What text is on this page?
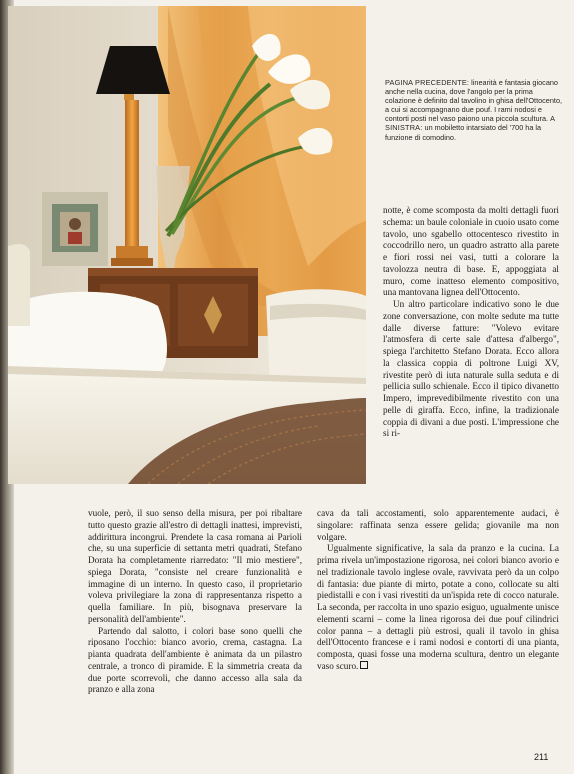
PAGINA PRECEDENTE: linearità e fantasia giocano anche nella cucina, dove l'angolo per la prima colazione è definito dal tavolino in ghisa dell'Ottocento, a cui si accompagnano due pouf. I rami nodosi e contorti posti nel vaso paiono una piccola scultura. A SINISTRA: un mobiletto intarsiato del '700 ha la funzione di comodino.

notte, è come scomposta da molti dettagli fuori schema: un baule coloniale in cuoio usato come tavolo, uno sgabello ottocentesco rivestito in coccodrillo nero, un quadro astratto alla parete e fiori rossi nei vasi, tutti a colorare la tavolozza neutra di base. E, appoggiata al muro, come inatteso elemento compositivo, una mantovana lignea dell'Ottocento.

Un altro particolare indicativo sono le due zone conversazione, con molte sedute ma tutte dalle diverse fatture: "Volevo evitare l'atmosfera di certe sale d'attesa d'albergo", spiega l'architetto Stefano Dorata. Ecco allora la classica coppia di poltrone Luigi XV, rivestite però di iuta naturale sulla seduta e di pellicia sullo schienale. Ecco il tipico divanetto Impero, imprevedibilmente rivestito con una pelle di giraffa. Ecco, infine, la tradizionale coppia di divani a due posti. L'impressione che si ri-

vuole, però, il suo senso della misura, per poi ribaltare tutto questo grazie all'estro di dettagli inattesi, imprevisti, addirittura incongrui. Prendete la casa romana ai Parioli che, su una superficie di settanta metri quadrati, Stefano Dorata ha completamente riarredato: "Il mio mestiere", spiega Dorata, "consiste nel creare funzionalità e immagine di un interno. In questo caso, il proprietario voleva privilegiare la zona di rappresentanza rispetto a quella familiare. In più, bisognava preservare la personalità dell'ambiente".

Partendo dal salotto, i colori base sono quelli che riposano l'occhio: bianco avorio, crema, castagna. La pianta quadrata dell'ambiente è animata da un pilastro centrale, a tronco di piramide. E la simmetria creata da due porte scorrevoli, che danno accesso alla sala da pranzo e alla zona

cava da tali accostamenti, solo apparentemente audaci, è singolare: raffinata senza essere gelida; giovanile ma non volgare.

Ugualmente significative, la sala da pranzo e la cucina. La prima rivela un'impostazione rigorosa, nei colori bianco avorio e nel tradizionale tavolo inglese ovale, ravvivata però da un colpo di fantasia: due piante di mirto, potate a cono, collocate su alti piedistalli e con i vasi rivestiti da un'ispida rete di cocco naturale. La seconda, per raccolta in uno spazio esiguo, ugualmente unisce elementi scarni – come la linea rigorosa dei due pouf cilindrici color panna – a dettagli più estrosi, quali il tavolo in ghisa dell'Ottocento francese e i rami nodosi e contorti di una pianta, composta, quasi fosse una moderna scultura, dentro un elegante vaso scuro.

211
